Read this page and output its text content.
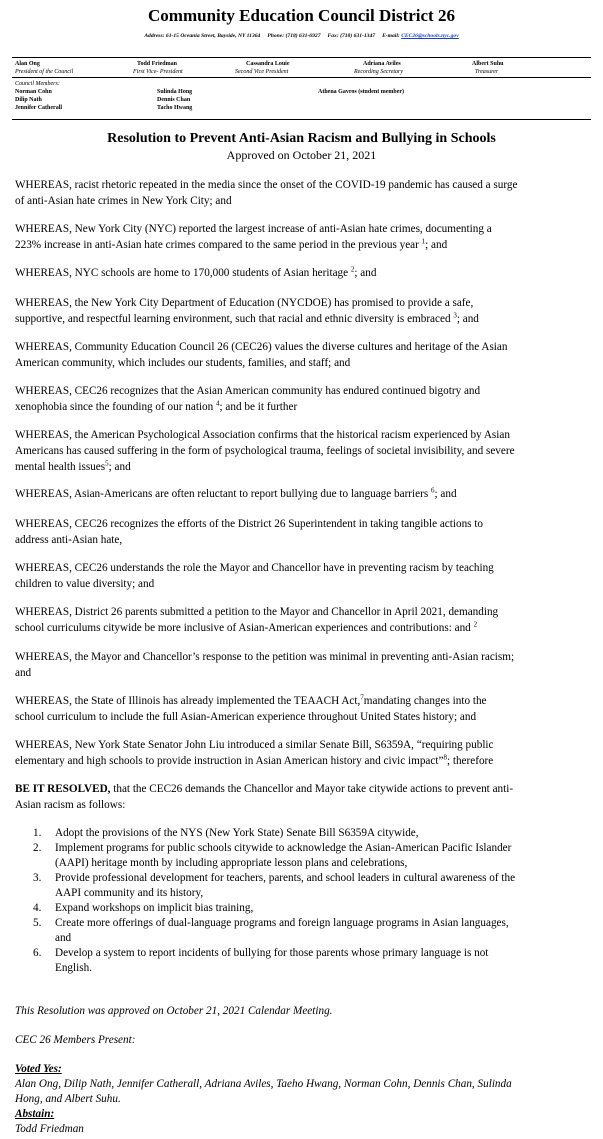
Community Education Council District 26
Address: 61-15 Oceania Street, Bayside, NY 11364 Phone: (718) 631-6927 Fax: (718) 631-1347 E-mail: CEC26@schools.nyc.gov
Alan Ong
President of the Council
Todd Friedman
First Vice- President
Cassandra Louie
Second Vice President
Adriana Aviles
Recording Secretary
Albert Suhu
Treasurer
Council Members:
Norman Cohn
Dilip Nath
Jennifer Catherall
Sulinda Hong
Dennis Chan
Tacho Hwang
Athena Gavros (student member)
Resolution to Prevent Anti-Asian Racism and Bullying in Schools
Approved on October 21, 2021
WHEREAS, racist rhetoric repeated in the media since the onset of the COVID-19 pandemic has caused a surge
of anti-Asian hate crimes in New York City; and
WHEREAS, New York City (NYC) reported the largest increase of anti-Asian hate crimes, documenting a
223% increase in anti-Asian hate crimes compared to the same period in the previous year $^1$; and
WHEREAS, NYC schools are home to 170,000 students of Asian heritage $^2$; and
WHEREAS, the New York City Department of Education (NYCDOE) has promised to provide a safe,
supportive, and respectful learning environment, such that racial and ethnic diversity is embraced $^3$; and
WHEREAS, Community Education Council 26 (CEC26) values the diverse cultures and heritage of the Asian
American community, which includes our students, families, and staff; and
WHEREAS, CEC26 recognizes that the Asian American community has endured continued bigotry and
xenophobia since the founding of our nation $^4$; and be it further
WHEREAS, the American Psychological Association confirms that the historical racism experienced by Asian
Americans has caused suffering in the form of psychological trauma, feelings of societal invisibility, and severe
mental health issues$^5$; and
WHEREAS, Asian-Americans are often reluctant to report bullying due to language barriers $^6$; and
WHEREAS, CEC26 recognizes the efforts of the District 26 Superintendent in taking tangible actions to
address anti-Asian hate,
WHEREAS, CEC26 understands the role the Mayor and Chancellor have in preventing racism by teaching
children to value diversity; and
WHEREAS, District 26 parents submitted a petition to the Mayor and Chancellor in April 2021, demanding
school curriculums citywide be more inclusive of Asian-American experiences and contributions: and $^2$
WHEREAS, the Mayor and Chancellor’s response to the petition was minimal in preventing anti-Asian racism;
and
WHEREAS, the State of Illinois has already implemented the TEAACH Act,$^7$mandating changes into the
school curriculum to include the full Asian-American experience throughout United States history; and
WHEREAS, New York State Senator John Liu introduced a similar Senate Bill, S6359A, “requiring public
elementary and high schools to provide instruction in Asian American history and civic impact”$^8$; therefore
BE IT RESOLVED, that the CEC26 demands the Chancellor and Mayor take citywide actions to prevent anti-
Asian racism as follows:
1. Adopt the provisions of the NYS (New York State) Senate Bill S6359A citywide,
2. Implement programs for public schools citywide to acknowledge the Asian-American Pacific Islander
(AAPI) heritage month by including appropriate lesson plans and celebrations,
3. Provide professional development for teachers, parents, and school leaders in cultural awareness of the
AAPI community and its history,
4. Expand workshops on implicit bias training,
5. Create more offerings of dual-language programs and foreign language programs in Asian languages,
and
6. Develop a system to report incidents of bullying for those parents whose primary language is not
English.
This Resolution was approved on October 21, 2021 Calendar Meeting.
CEC 26 Members Present:
Voted Yes:
Alan Ong, Dilip Nath, Jennifer Catherall, Adriana Aviles, Taeho Hwang, Norman Cohn, Dennis Chan, Sulinda
Hong, and Albert Suhu.
Abstain:
Todd Friedman
